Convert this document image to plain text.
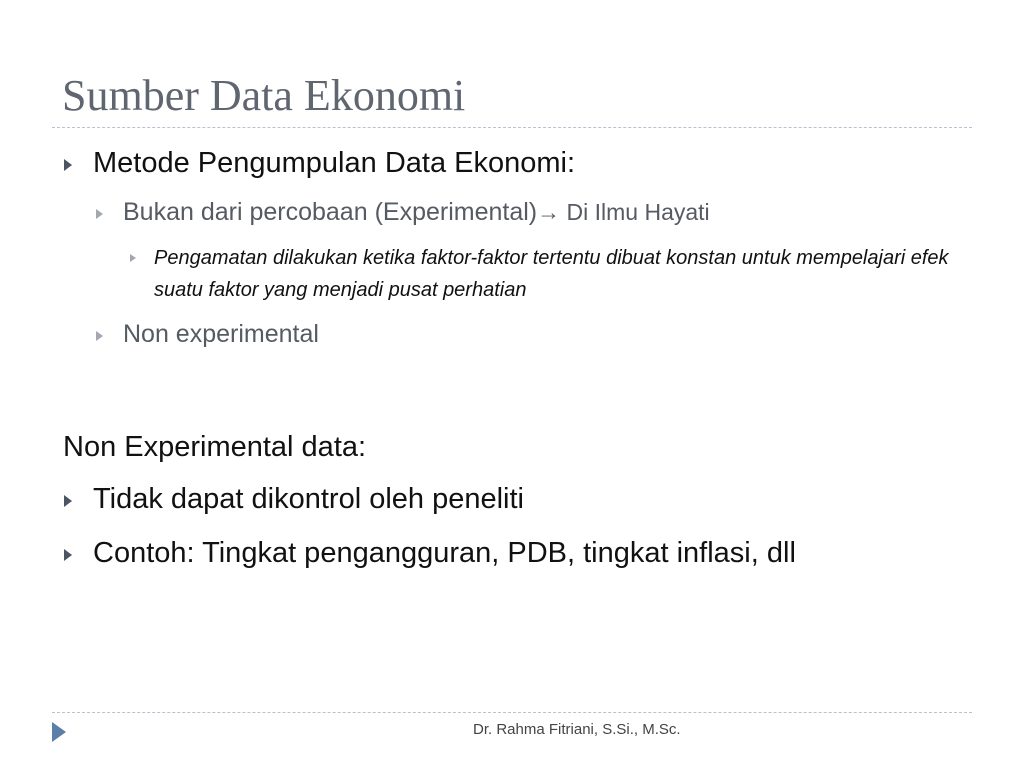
Sumber Data Ekonomi
Metode Pengumpulan Data Ekonomi:
Bukan dari percobaan (Experimental)→ Di Ilmu Hayati
Pengamatan dilakukan ketika faktor-faktor tertentu dibuat konstan untuk mempelajari efek suatu faktor yang menjadi pusat perhatian
Non experimental
Non Experimental data:
Tidak dapat dikontrol oleh peneliti
Contoh: Tingkat pengangguran, PDB, tingkat inflasi, dll
Dr. Rahma Fitriani, S.Si., M.Sc.
